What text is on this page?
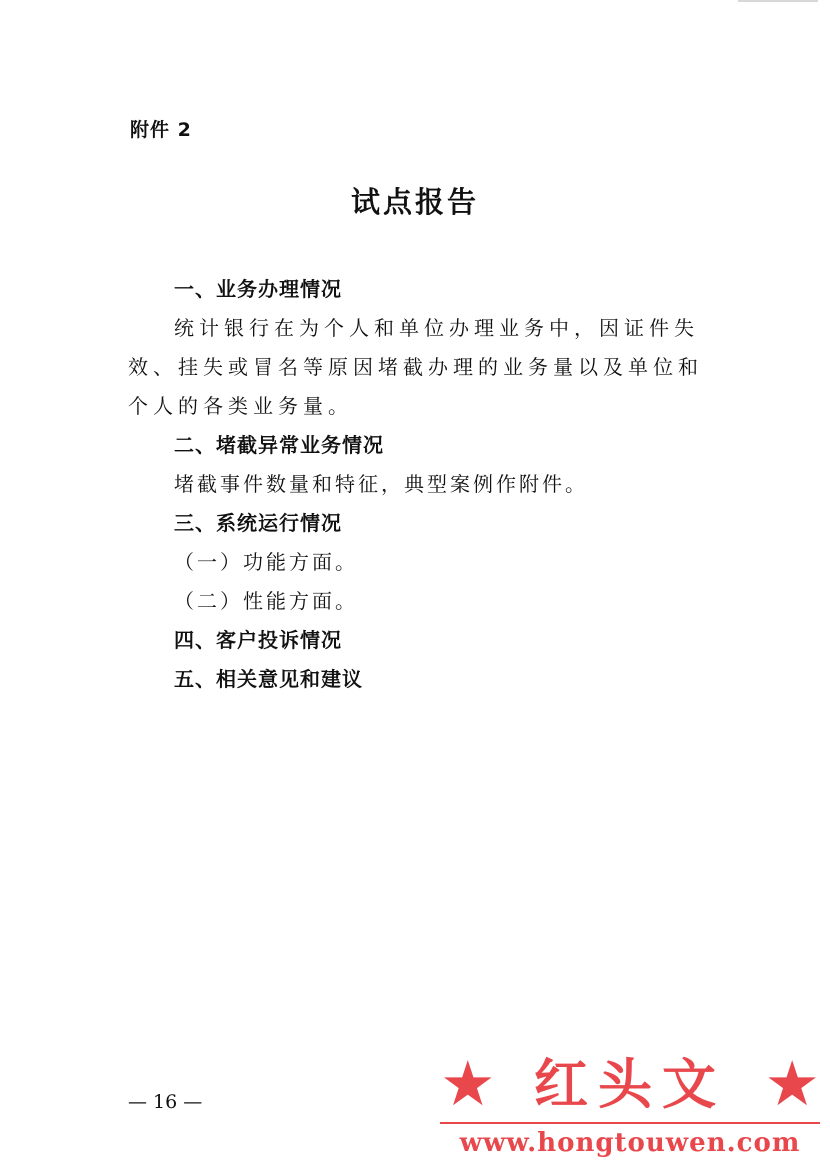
附件 2
试点报告
一、业务办理情况
统计银行在为个人和单位办理业务中，因证件失效、挂失或冒名等原因堵截办理的业务量以及单位和个人的各类业务量。
二、堵截异常业务情况
堵截事件数量和特征，典型案例作附件。
三、系统运行情况
（一）功能方面。
（二）性能方面。
四、客户投诉情况
五、相关意见和建议
— 16 —	★ 红头文 ★
www.hongtouwen.com
